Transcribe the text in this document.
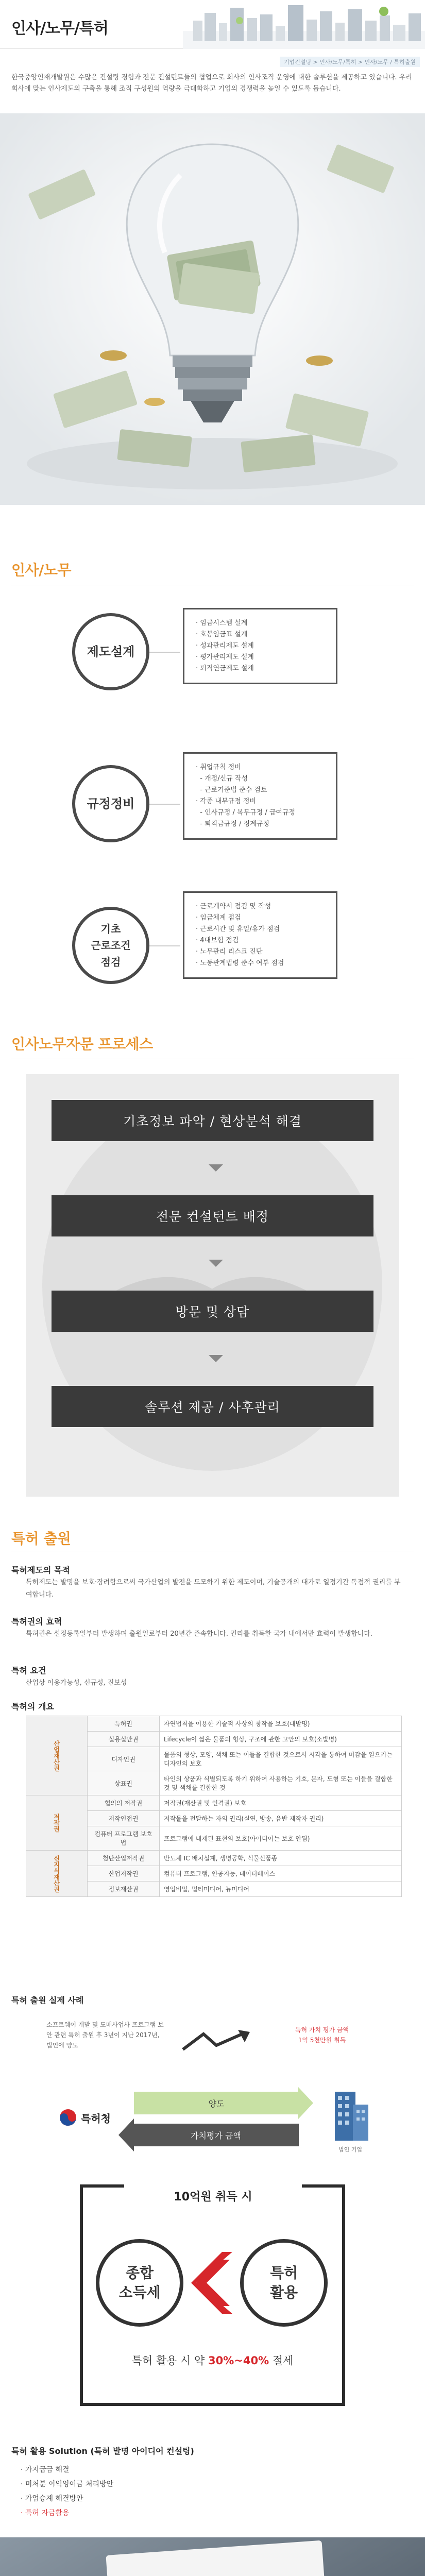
인사/노무/특허
기업컨설팅 > 인사/노무/특허 > 인사/노무 / 특허출원
한국중앙인재개발원은 수많은 컨설팅 경험과 전문 컨설턴트들의 협업으로 회사의 인사조직 운영에 대한 솔루션을 제공하고 있습니다. 우리 회사에 맞는 인사제도의 구축을 통해 조직 구성원의 역량을 극대화하고 기업의 경쟁력을 높일 수 있도록 돕습니다.
인사/노무
제도설계
· 임금시스템 설계
· 호봉임금표 설계
· 성과관리제도 설계
· 평가관리제도 설계
· 퇴직연금제도 설계
규정정비
· 취업규칙 정비
- 개정/신규 작성
- 근로기준법 준수 검토
· 각종 내부규정 정비
- 인사규정 / 복무규정 / 급여규정
- 퇴직금규정 / 징계규정
기초
근로조건
점검
· 근로계약서 점검 및 작성
· 임금체계 점검
· 근로시간 및 휴일/휴가 점검
· 4대보험 점검
· 노무관리 리스크 진단
· 노동관계법령 준수 여부 점검
인사노무자문 프로세스
기초정보 파악 / 현상분석 해결
전문 컨설턴트 배정
방문 및 상담
솔루션 제공 / 사후관리
특허 출원
특허제도의 목적
특허제도는 발명을 보호·장려함으로써 국가산업의 발전을 도모하기 위한 제도이며, 기술공개의 대가로 일정기간 독점적 권리를 부여합니다.
특허권의 효력
특허권은 설정등록일부터 발생하며 출원일로부터 20년간 존속합니다. 권리를 취득한 국가 내에서만 효력이 발생합니다.
특허 요건
산업상 이용가능성, 신규성, 진보성
특허의 개요
산업재산권	특허권	자연법칙을 이용한 기술적 사상의 창작을 보호(대발명)
	실용실안권	Lifecycle이 짧은 물품의 형상, 구조에 관한 고안의 보호(소발명)
	디자인권	물품의 형상, 모양, 색채 또는 이들을 결합한 것으로서 시각을 통하여 미감을 일으키는 디자인의 보호
	상표권	타인의 상품과 식별되도록 하기 위하여 사용하는 기호, 문자, 도형 또는 이들을 결합한 것 및 색채를 결합한 것
저작권	협의의 저작권	저작권(재산권 및 인격권) 보호
	저작인접권	저작물을 전달하는 자의 권리(실연, 방송, 음반 제작자 권리)
	컴퓨터 프로그램 보호법	프로그램에 내재된 표현의 보호(아이디어는 보호 안됨)
신지식재산권	첨단산업저작권	반도체 IC 배치설계, 생명공학, 식물신품종
	산업저작권	컴퓨터 프로그램, 인공지능, 데이터베이스
	정보재산권	영업비밀, 멀티미디어, 뉴미디어
특허 출원 실제 사례
소프트웨어 개발 및 도매사업사 프로그램 보안 관련 특허 출원 후 3년이 지난 2017년, 법인에 양도
특허 가치 평가 금액
1억 5천만원 취득
특허청
양도
가치평가 금액
법인 기업
10억원 취득 시
종합
소득세
특허
활용
특허 활용 시 약 30%~40% 절세
특허 활용 Solution (특허 발명 아이디어 컨설팅)
· 가지급금 해결
· 미처분 이익잉여금 처리방안
· 가업승계 해결방안
· 특허 자금활용
